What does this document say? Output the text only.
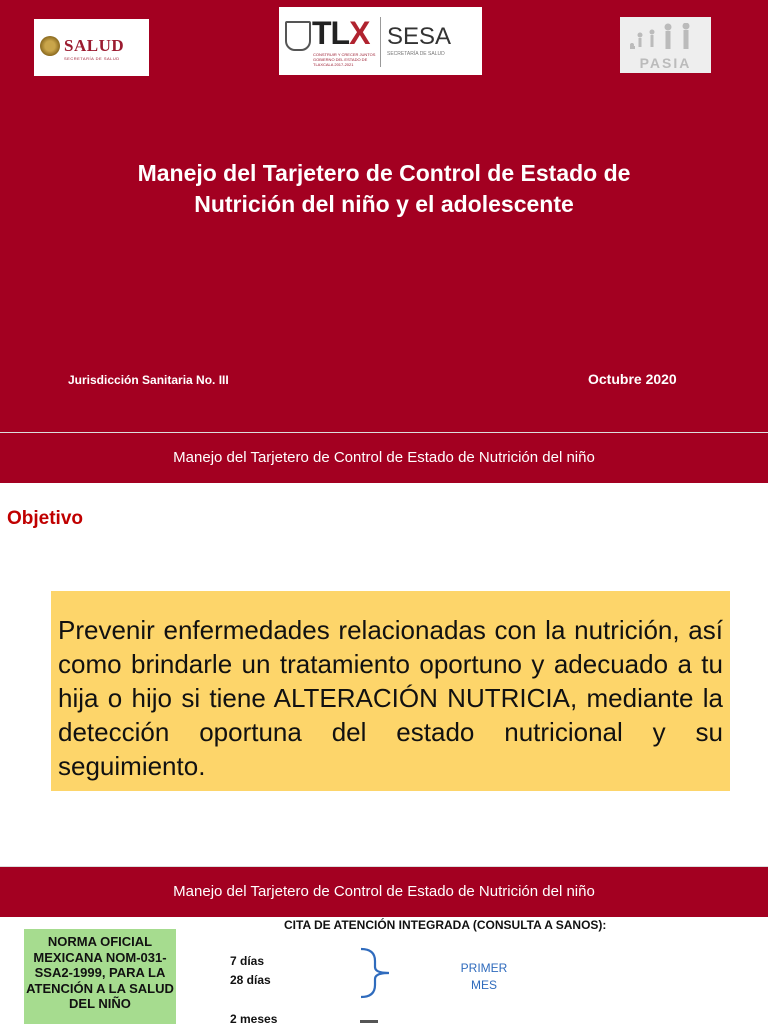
SALUD
SECRETARÍA DE SALUD
TLX
CONSTRUIR Y CRECER JUNTOS GOBIERNO DEL ESTADO DE TLAXCALA 2017-2021
SESA
SECRETARÍA DE SALUD
PASIA
Manejo del Tarjetero de Control de Estado de
Nutrición del niño y el adolescente
Jurisdicción Sanitaria No. III	Octubre 2020
Manejo del Tarjetero de Control de Estado de Nutrición del niño
Objetivo
Prevenir enfermedades relacionadas con la nutrición, así como brindarle un tratamiento oportuno y adecuado a tu hija o hijo si tiene ALTERACIÓN NUTRICIA, mediante la detección oportuna del estado nutricional y su seguimiento.
Manejo del Tarjetero de Control de Estado de Nutrición del niño
CITA DE ATENCIÓN INTEGRADA (CONSULTA A SANOS):
NORMA OFICIAL MEXICANA NOM-031-SSA2-1999, PARA LA ATENCIÓN A LA SALUD DEL NIÑO
7 días
28 días
2 meses
PRIMER
MES
